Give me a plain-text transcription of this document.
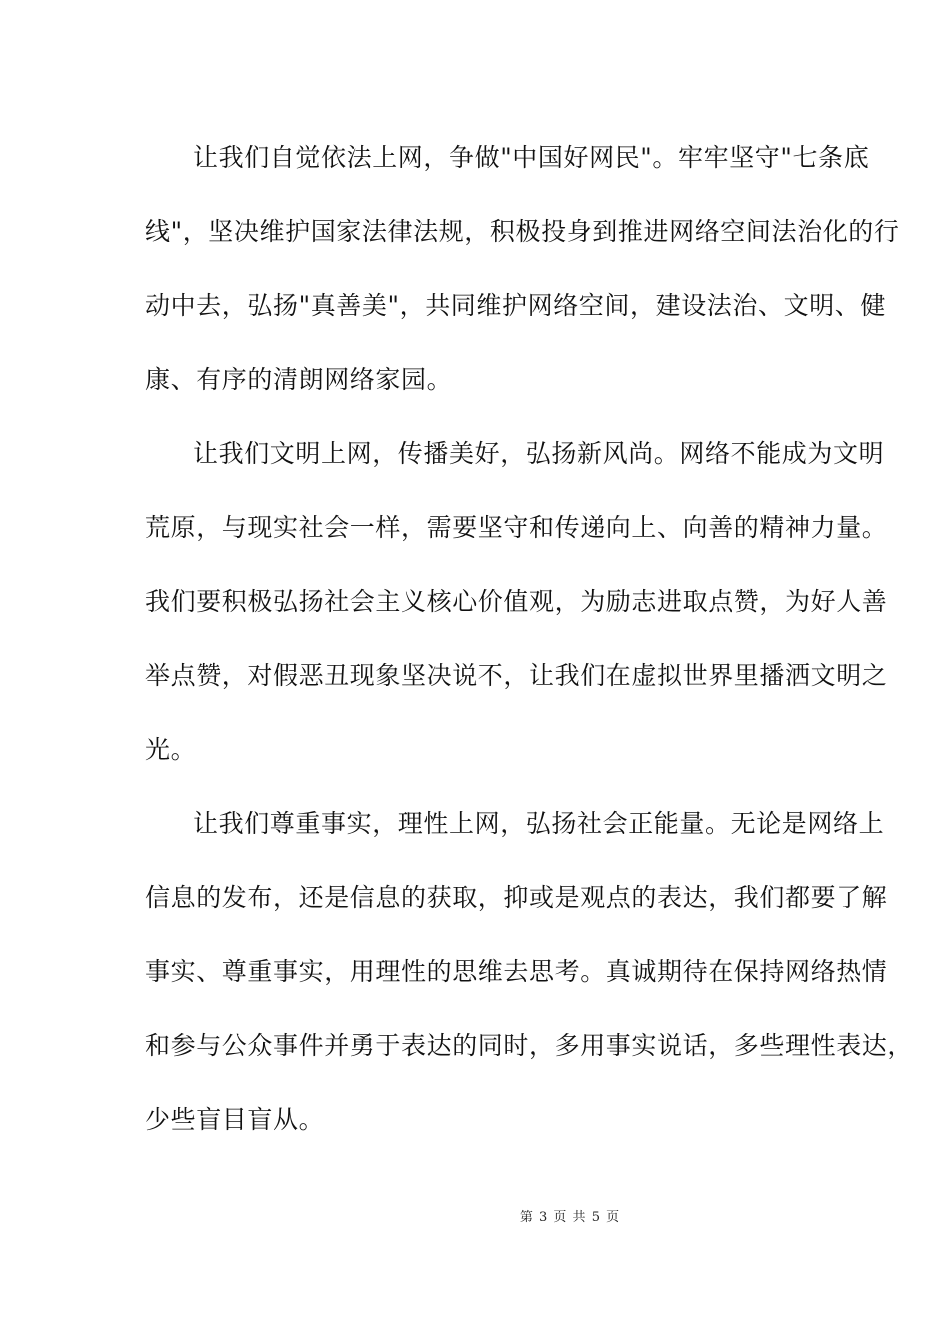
让我们自觉依法上网，争做"中国好网民"。牢牢坚守"七条底
线"，坚决维护国家法律法规，积极投身到推进网络空间法治化的行
动中去，弘扬"真善美"，共同维护网络空间，建设法治、文明、健
康、有序的清朗网络家园。
让我们文明上网，传播美好，弘扬新风尚。网络不能成为文明
荒原，与现实社会一样，需要坚守和传递向上、向善的精神力量。
我们要积极弘扬社会主义核心价值观，为励志进取点赞，为好人善
举点赞，对假恶丑现象坚决说不，让我们在虚拟世界里播洒文明之
光。
让我们尊重事实，理性上网，弘扬社会正能量。无论是网络上
信息的发布，还是信息的获取，抑或是观点的表达，我们都要了解
事实、尊重事实，用理性的思维去思考。真诚期待在保持网络热情
和参与公众事件并勇于表达的同时，多用事实说话，多些理性表达，
少些盲目盲从。
第 3 页 共 5 页
